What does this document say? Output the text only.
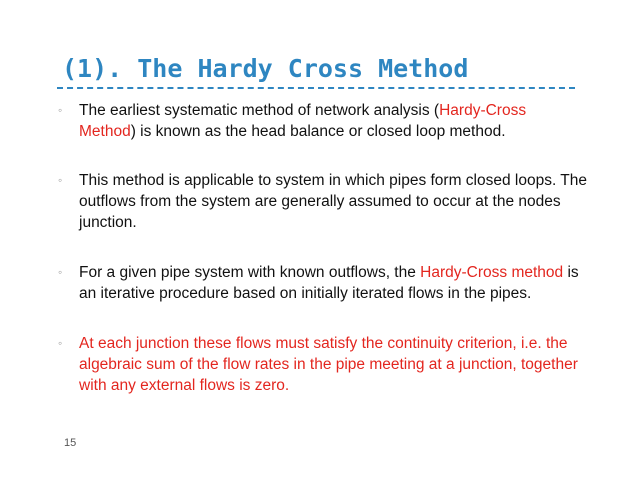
(1). The Hardy Cross Method
◦ The earliest systematic method of network analysis (Hardy-Cross Method) is known as the head balance or closed loop method.
◦ This method is applicable to system in which pipes form closed loops. The outflows from the system are generally assumed to occur at the nodes junction.
◦ For a given pipe system with known outflows, the Hardy-Cross method is an iterative procedure based on initially iterated flows in the pipes.
◦ At each junction these flows must satisfy the continuity criterion, i.e. the algebraic sum of the flow rates in the pipe meeting at a junction, together with any external flows is zero.
15
